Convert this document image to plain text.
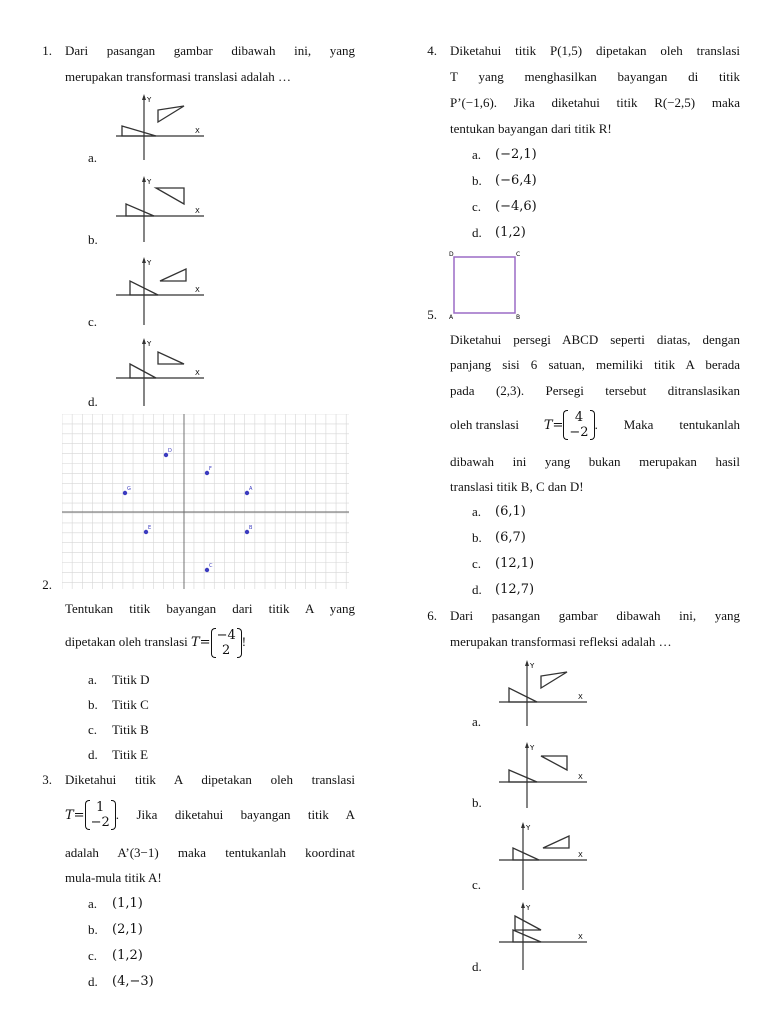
1. Dari pasangan gambar dibawah ini, yang
merupakan transformasi translasi adalah …
a.
b.
c.
d.
Y
X
Y
X
Y
X
Y
X
D
F
G	A
E	B
C
2.
Tentukan titik bayangan dari titik A yang
dipetakan oleh translasi T= −4
2
!
a. Titik D
b. Titik C
c. Titik B
d. Titik E
3. Diketahui titik A dipetakan oleh translasi
T = 1
−2
. Jika diketahui bayangan titik A
adalah A’(3−1) maka tentukanlah koordinat
mula-mula titik A!
a. (1,1)
b. (2,1)
c. (1,2)
d. (4,−3)
4. Diketahui titik P(1,5) dipetakan oleh translasi
T yang menghasilkan bayangan di titik
P’(−1,6). Jika diketahui titik R(−2,5) maka
tentukan bayangan dari titik R!
a. (−2,1)
b. (−6,4)
c. (−4,6)
d. (1,2)
D	C
A	B
5.
Diketahui persegi ABCD seperti diatas, dengan
panjang sisi 6 satuan, memiliki titik A berada
pada (2,3). Persegi tersebut ditranslasikan
oleh translasi	T = 4
−2
. Maka tentukanlah
dibawah ini yang bukan merupakan hasil
translasi titik B, C dan D!
a. (6,1)
b. (6,7)
c. (12,1)
d. (12,7)
6. Dari pasangan gambar dibawah ini, yang
merupakan transformasi refleksi adalah …
a.
b.
c.
d.
Y
X
Y
X
Y
X
Y
X
